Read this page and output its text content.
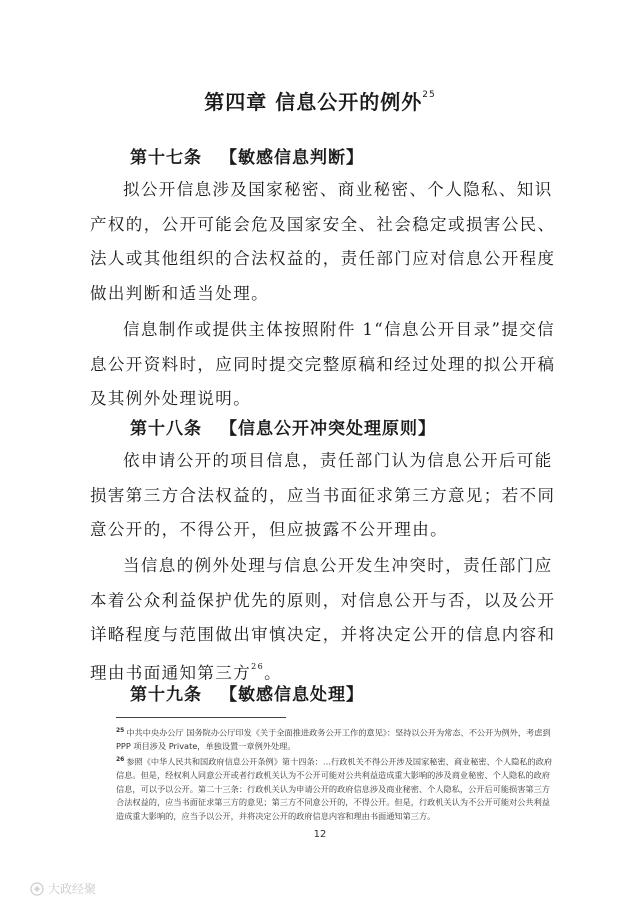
第四章 信息公开的例外$^{25}$
第十七条 【敏感信息判断】

拟公开信息涉及国家秘密、商业秘密、个人隐私、知识产权的，公开可能会危及国家安全、社会稳定或损害公民、法人或其他组织的合法权益的，责任部门应对信息公开程度做出判断和适当处理。

信息制作或提供主体按照附件 1“信息公开目录”提交信息公开资料时，应同时提交完整原稿和经过处理的拟公开稿及其例外处理说明。

第十八条 【信息公开冲突处理原则】

依申请公开的项目信息，责任部门认为信息公开后可能损害第三方合法权益的，应当书面征求第三方意见；若不同意公开的，不得公开，但应披露不公开理由。

当信息的例外处理与信息公开发生冲突时，责任部门应本着公众利益保护优先的原则，对信息公开与否，以及公开详略程度与范围做出审慎决定，并将决定公开的信息内容和理由书面通知第三方$^{26}$。

第十九条 【敏感信息处理】

$^{25}$ 中共中央办公厅 国务院办公厅印发《关于全面推进政务公开工作的意见》：坚持以公开为常态、不公开为例外，考虑到 PPP 项目涉及 Private，单独设置一章例外处理。

$^{26}$ 参照《中华人民共和国政府信息公开条例》第十四条：…行政机关不得公开涉及国家秘密、商业秘密、个人隐私的政府信息。但是，经权利人同意公开或者行政机关认为不公开可能对公共利益造成重大影响的涉及商业秘密、个人隐私的政府信息，可以予以公开。第二十三条：行政机关认为申请公开的政府信息涉及商业秘密、个人隐私，公开后可能损害第三方合法权益的，应当书面征求第三方的意见；第三方不同意公开的，不得公开。但是，行政机关认为不公开可能对公共利益造成重大影响的，应当予以公开，并将决定公开的政府信息内容和理由书面通知第三方。

12
大政经聚
